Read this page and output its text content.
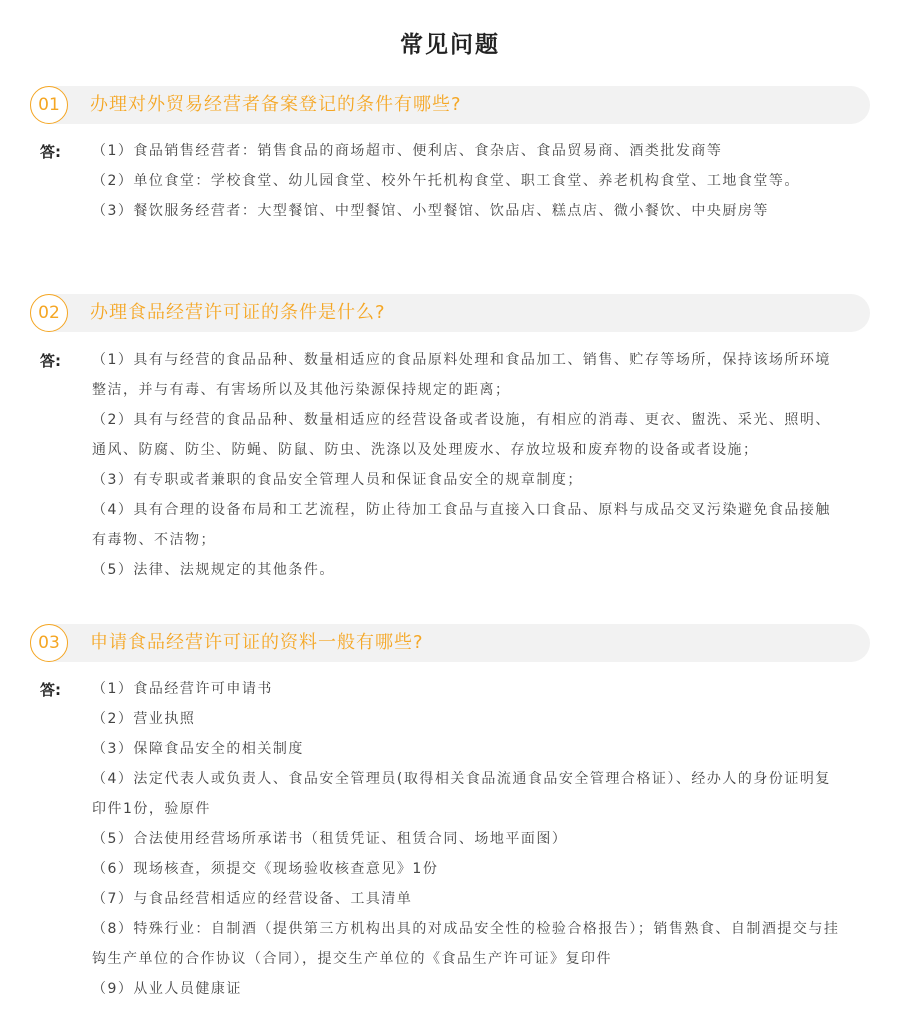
常见问题
01	办理对外贸易经营者备案登记的条件有哪些?
答: （1）食品销售经营者：销售食品的商场超市、便利店、食杂店、食品贸易商、酒类批发商等

（2）单位食堂：学校食堂、幼儿园食堂、校外午托机构食堂、职工食堂、养老机构食堂、工地食堂等。

（3）餐饮服务经营者：大型餐馆、中型餐馆、小型餐馆、饮品店、糕点店、微小餐饮、中央厨房等

02	办理食品经营许可证的条件是什么?
答: （1）具有与经营的食品品种、数量相适应的食品原料处理和食品加工、销售、贮存等场所，保持该场所环境整洁，并与有毒、有害场所以及其他污染源保持规定的距离；

（2）具有与经营的食品品种、数量相适应的经营设备或者设施，有相应的消毒、更衣、盥洗、采光、照明、通风、防腐、防尘、防蝇、防鼠、防虫、洗涤以及处理废水、存放垃圾和废弃物的设备或者设施；

（3）有专职或者兼职的食品安全管理人员和保证食品安全的规章制度；

（4）具有合理的设备布局和工艺流程，防止待加工食品与直接入口食品、原料与成品交叉污染避免食品接触有毒物、不洁物；

（5）法律、法规规定的其他条件。

03	申请食品经营许可证的资料一般有哪些?
答: （1）食品经营许可申请书

（2）营业执照

（3）保障食品安全的相关制度

（4）法定代表人或负责人、食品安全管理员(取得相关食品流通食品安全管理合格证）、经办人的身份证明复印件1份，验原件

（5）合法使用经营场所承诺书（租赁凭证、租赁合同、场地平面图）

（6）现场核查，须提交《现场验收核查意见》1份

（7）与食品经营相适应的经营设备、工具清单

（8）特殊行业：自制酒（提供第三方机构出具的对成品安全性的检验合格报告）；销售熟食、自制酒提交与挂钩生产单位的合作协议（合同），提交生产单位的《食品生产许可证》复印件

（9）从业人员健康证
